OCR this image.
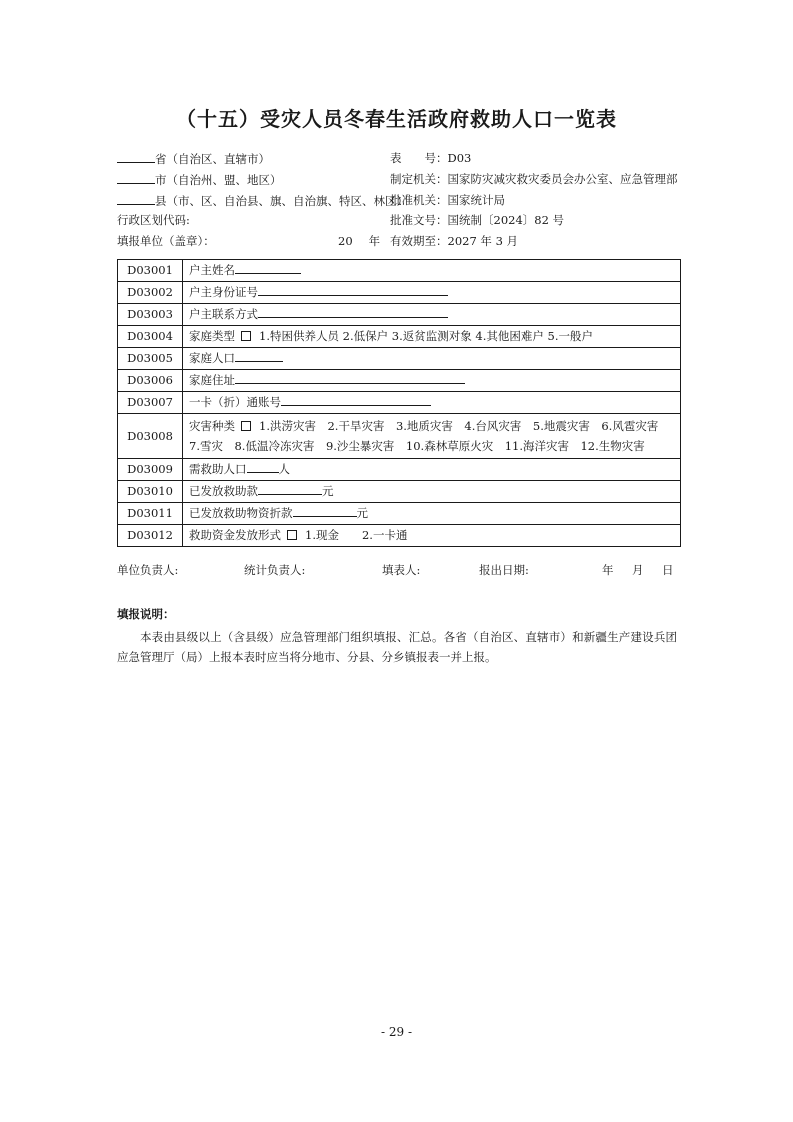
（十五）受灾人员冬春生活政府救助人口一览表
省（自治区、直辖市）
市（自治州、盟、地区）
县（市、区、自治县、旗、自治旗、特区、林区）
行政区划代码:
填报单位（盖章）：	20 年
表　　号：D03
制定机关：国家防灾减灾救灾委员会办公室、应急管理部
批准机关：国家统计局
批准文号：国统制〔2024〕82 号
有效期至：2027 年 3 月
D03001	户主姓名
D03002	户主身份证号
D03003	户主联系方式
D03004	家庭类型 1.特困供养人员 2.低保户 3.返贫监测对象 4.其他困难户 5.一般户
D03005	家庭人口
D03006	家庭住址
D03007	一卡（折）通账号
D03008	灾害种类 1.洪涝灾害　2.干旱灾害　3.地质灾害　4.台风灾害　5.地震灾害　6.风雹灾害　7.雪灾　8.低温冷冻灾害　9.沙尘暴灾害　10.森林草原火灾　11.海洋灾害　12.生物灾害
D03009	需救助人口 人
D03010	已发放救助款 元
D03011	已发放救助物资折款 元
D03012	救助资金发放形式 1.现金　　2.一卡通
单位负责人:	统计负责人:	填表人:	报出日期:	年 月 日
填报说明：
本表由县级以上（含县级）应急管理部门组织填报、汇总。各省（自治区、直辖市）和新疆生产建设兵团应急管理厅（局）上报本表时应当将分地市、分县、分乡镇报表一并上报。
- 29 -
